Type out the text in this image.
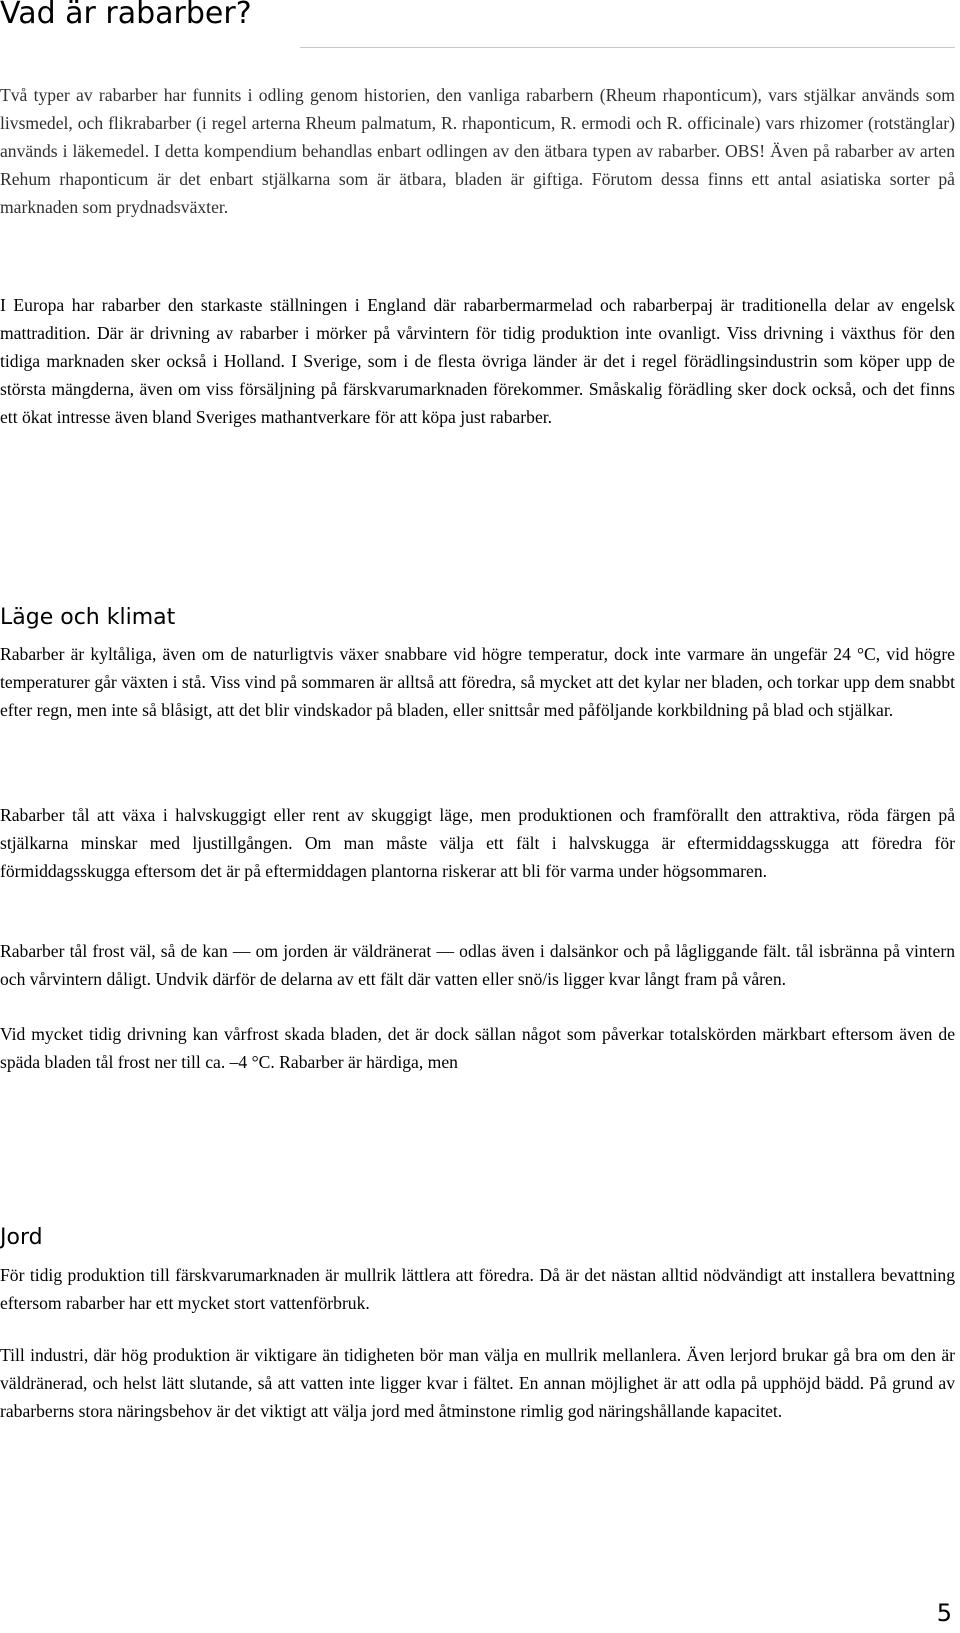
Vad är rabarber?

Två typer av rabarber har funnits i odling genom historien, den vanliga rabarbern (Rheum rhaponticum), vars stjälkar används som livsmedel, och flikrabarber (i regel arterna Rheum palmatum, R. rhaponticum, R. ermodi och R. officinale) vars rhizomer (rotstänglar) används i läkemedel. I detta kompendium behandlas enbart odlingen av den ätbara typen av rabarber. OBS! Även på rabarber av arten Rehum rhaponticum är det enbart stjälkarna som är ätbara, bladen är giftiga. Förutom dessa finns ett antal asiatiska sorter på marknaden som prydnadsväxter.

I Europa har rabarber den starkaste ställningen i England där rabarbermarmelad och rabarberpaj är traditionella delar av engelsk mattradition. Där är drivning av rabarber i mörker på vårvintern för tidig produktion inte ovanligt. Viss drivning i växthus för den tidiga marknaden sker också i Holland. I Sverige, som i de flesta övriga länder är det i regel förädlingsindustrin som köper upp de största mängderna, även om viss försäljning på färskvarumarknaden förekommer. Småskalig förädling sker dock också, och det finns ett ökat intresse även bland Sveriges mathantverkare för att köpa just rabarber.

Läge och klimat

Rabarber är kyltåliga, även om de naturligtvis växer snabbare vid högre temperatur, dock inte varmare än ungefär 24 °C, vid högre temperaturer går växten i stå. Viss vind på sommaren är alltså att föredra, så mycket att det kylar ner bladen, och torkar upp dem snabbt efter regn, men inte så blåsigt, att det blir vindskador på bladen, eller snittsår med påföljande korkbildning på blad och stjälkar.

Rabarber tål att växa i halvskuggigt eller rent av skuggigt läge, men produktionen och framförallt den attraktiva, röda färgen på stjälkarna minskar med ljustillgången. Om man måste välja ett fält i halvskugga är eftermiddagsskugga att föredra för förmiddagsskugga eftersom det är på eftermiddagen plantorna riskerar att bli för varma under högsommaren.

Rabarber tål frost väl, så de kan — om jorden är väldränerat — odlas även i dalsänkor och på lågliggande fält. tål isbränna på vintern och vårvintern dåligt. Undvik därför de delarna av ett fält där vatten eller snö/is ligger kvar långt fram på våren.

Vid mycket tidig drivning kan vårfrost skada bladen, det är dock sällan något som påverkar totalskörden märkbart eftersom även de späda bladen tål frost ner till ca. –4 °C. Rabarber är härdiga, men

Jord

För tidig produktion till färskvarumarknaden är mullrik lättlera att föredra. Då är det nästan alltid nödvändigt att installera bevattning eftersom rabarber har ett mycket stort vattenförbruk.

Till industri, där hög produktion är viktigare än tidigheten bör man välja en mullrik mellanlera. Även lerjord brukar gå bra om den är väldränerad, och helst lätt slutande, så att vatten inte ligger kvar i fältet. En annan möjlighet är att odla på upphöjd bädd. På grund av rabarberns stora näringsbehov är det viktigt att välja jord med åtminstone rimlig god näringshållande kapacitet.

5
